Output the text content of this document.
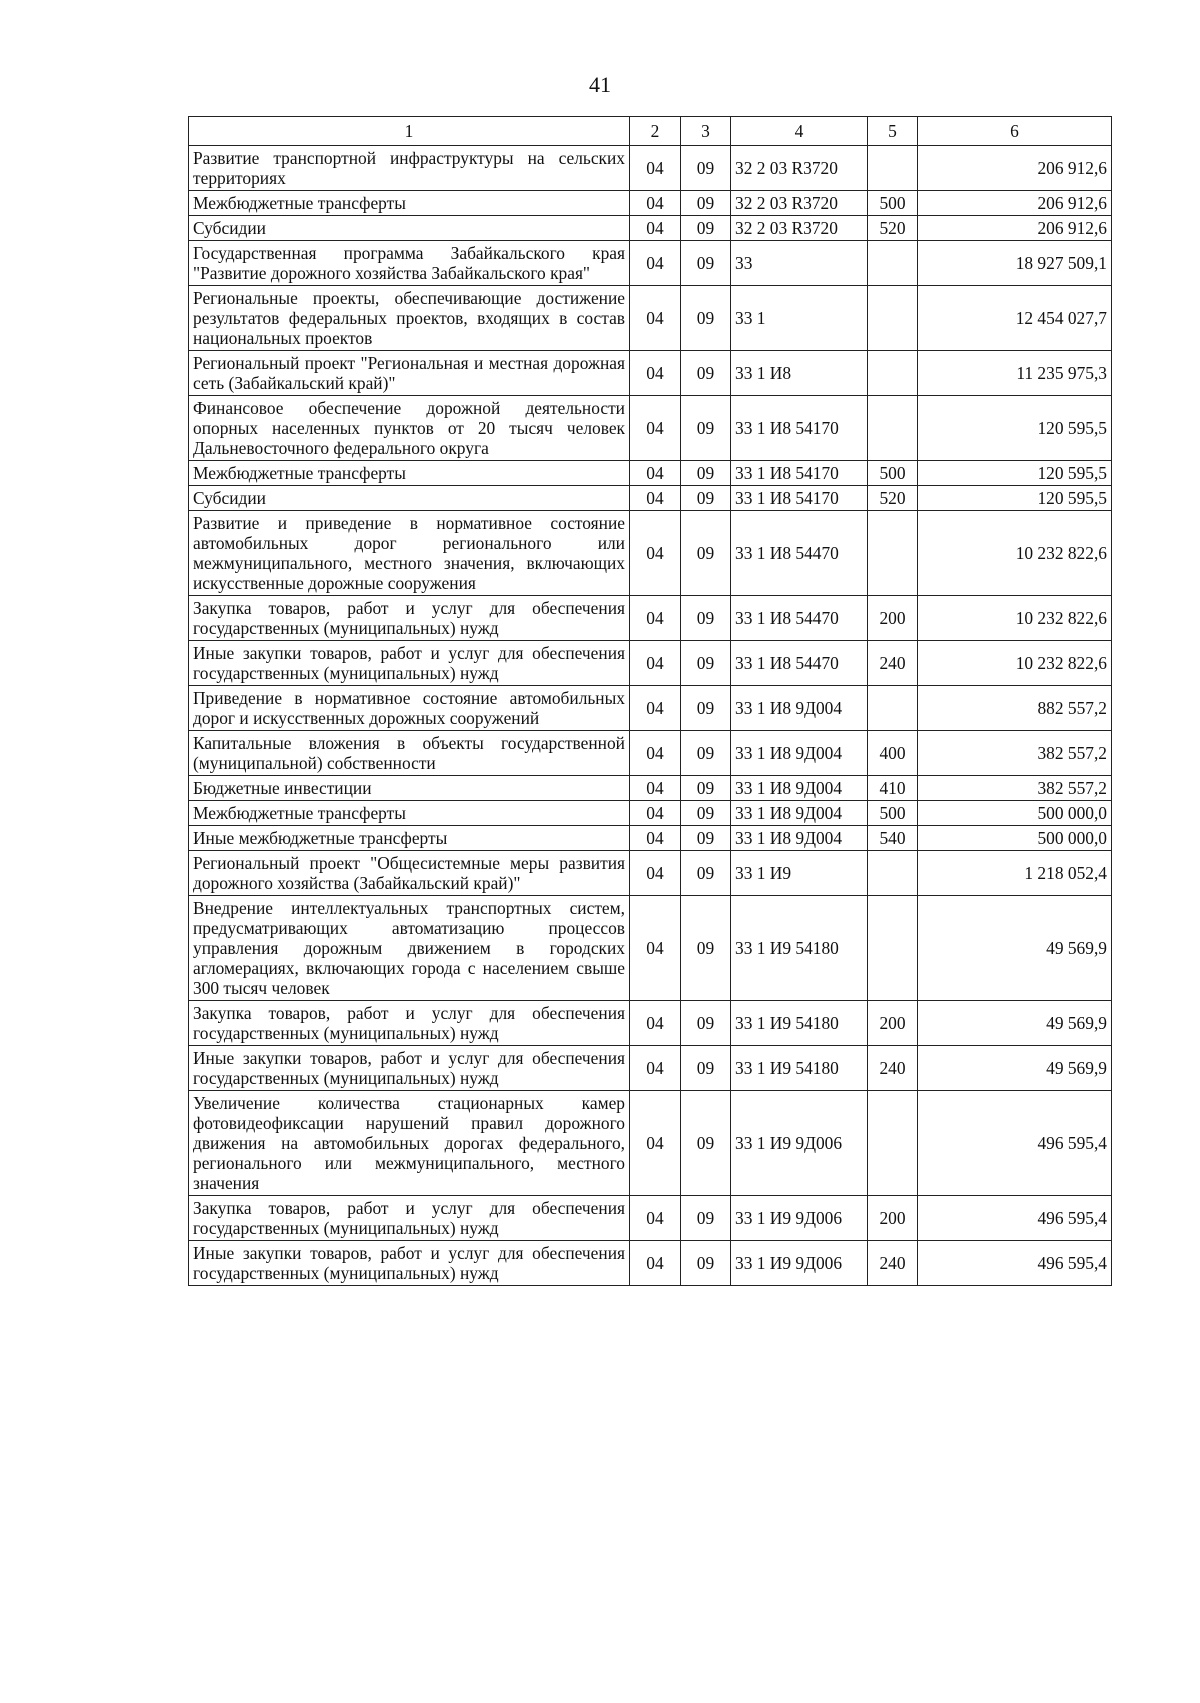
41
1	2	3	4	5	6
Развитие транспортной инфраструктуры на сельских территориях	04	09	32 2 03 R3720		206 912,6
Межбюджетные трансферты	04	09	32 2 03 R3720	500	206 912,6
Субсидии	04	09	32 2 03 R3720	520	206 912,6
Государственная программа Забайкальского края "Развитие дорожного хозяйства Забайкальского края"	04	09	33		18 927 509,1
Региональные проекты, обеспечивающие достижение результатов федеральных проектов, входящих в состав национальных проектов	04	09	33 1		12 454 027,7
Региональный проект "Региональная и местная дорожная сеть (Забайкальский край)"	04	09	33 1 И8		11 235 975,3
Финансовое обеспечение дорожной деятельности опорных населенных пунктов от 20 тысяч человек Дальневосточного федерального округа	04	09	33 1 И8 54170		120 595,5
Межбюджетные трансферты	04	09	33 1 И8 54170	500	120 595,5
Субсидии	04	09	33 1 И8 54170	520	120 595,5
Развитие и приведение в нормативное состояние автомобильных дорог регионального или межмуниципального, местного значения, включающих искусственные дорожные сооружения	04	09	33 1 И8 54470		10 232 822,6
Закупка товаров, работ и услуг для обеспечения государственных (муниципальных) нужд	04	09	33 1 И8 54470	200	10 232 822,6
Иные закупки товаров, работ и услуг для обеспечения государственных (муниципальных) нужд	04	09	33 1 И8 54470	240	10 232 822,6
Приведение в нормативное состояние автомобильных дорог и искусственных дорожных сооружений	04	09	33 1 И8 9Д004		882 557,2
Капитальные вложения в объекты государственной (муниципальной) собственности	04	09	33 1 И8 9Д004	400	382 557,2
Бюджетные инвестиции	04	09	33 1 И8 9Д004	410	382 557,2
Межбюджетные трансферты	04	09	33 1 И8 9Д004	500	500 000,0
Иные межбюджетные трансферты	04	09	33 1 И8 9Д004	540	500 000,0
Региональный проект "Общесистемные меры развития дорожного хозяйства (Забайкальский край)"	04	09	33 1 И9		1 218 052,4
Внедрение интеллектуальных транспортных систем, предусматривающих автоматизацию процессов управления дорожным движением в городских агломерациях, включающих города с населением свыше 300 тысяч человек	04	09	33 1 И9 54180		49 569,9
Закупка товаров, работ и услуг для обеспечения государственных (муниципальных) нужд	04	09	33 1 И9 54180	200	49 569,9
Иные закупки товаров, работ и услуг для обеспечения государственных (муниципальных) нужд	04	09	33 1 И9 54180	240	49 569,9
Увеличение количества стационарных камер фотовидеофиксации нарушений правил дорожного движения на автомобильных дорогах федерального, регионального или межмуниципального, местного значения	04	09	33 1 И9 9Д006		496 595,4
Закупка товаров, работ и услуг для обеспечения государственных (муниципальных) нужд	04	09	33 1 И9 9Д006	200	496 595,4
Иные закупки товаров, работ и услуг для обеспечения государственных (муниципальных) нужд	04	09	33 1 И9 9Д006	240	496 595,4
